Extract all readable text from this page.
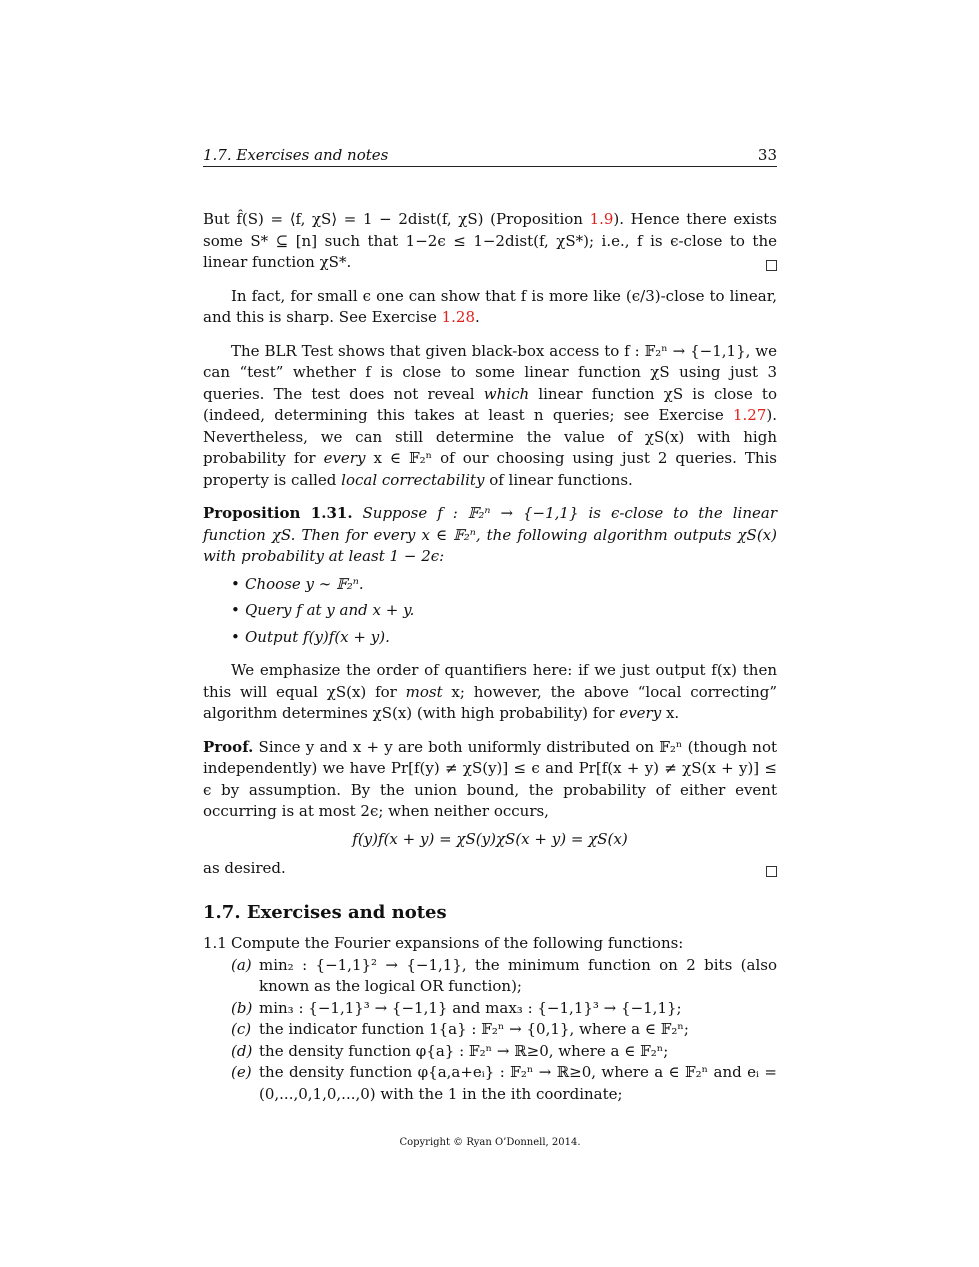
1.7. Exercises and notes	33

But f̂(S) = ⟨f, χS⟩ = 1 − 2dist(f, χS) (Proposition 1.9). Hence there exists some S* ⊆ [n] such that 1−2ϵ ≤ 1−2dist(f, χS*); i.e., f is ϵ-close to the linear function χS*.

In fact, for small ϵ one can show that f is more like (ϵ/3)-close to linear, and this is sharp. See Exercise 1.28.

The BLR Test shows that given black-box access to f : 𝔽₂ⁿ → {−1,1}, we can “test” whether f is close to some linear function χS using just 3 queries. The test does not reveal which linear function χS is close to (indeed, determining this takes at least n queries; see Exercise 1.27). Nevertheless, we can still determine the value of χS(x) with high probability for every x ∈ 𝔽₂ⁿ of our choosing using just 2 queries. This property is called local correctability of linear functions.

Proposition 1.31. Suppose f : 𝔽₂ⁿ → {−1,1} is ϵ-close to the linear function χS. Then for every x ∈ 𝔽₂ⁿ, the following algorithm outputs χS(x) with probability at least 1 − 2ϵ:

• Choose y ∼ 𝔽₂ⁿ.
• Query f at y and x + y.
• Output f(y)f(x + y).

We emphasize the order of quantifiers here: if we just output f(x) then this will equal χS(x) for most x; however, the above “local correcting” algorithm determines χS(x) (with high probability) for every x.

Proof. Since y and x + y are both uniformly distributed on 𝔽₂ⁿ (though not independently) we have Pr[f(y) ≠ χS(y)] ≤ ϵ and Pr[f(x + y) ≠ χS(x + y)] ≤ ϵ by assumption. By the union bound, the probability of either event occurring is at most 2ϵ; when neither occurs,

f(y)f(x + y) = χS(y)χS(x + y) = χS(x)

as desired.

1.7. Exercises and notes

1.1 Compute the Fourier expansions of the following functions:

(a) min₂ : {−1,1}² → {−1,1}, the minimum function on 2 bits (also known as the logical OR function);
(b) min₃ : {−1,1}³ → {−1,1} and max₃ : {−1,1}³ → {−1,1};
(c) the indicator function 1{a} : 𝔽₂ⁿ → {0,1}, where a ∈ 𝔽₂ⁿ;
(d) the density function φ{a} : 𝔽₂ⁿ → ℝ≥0, where a ∈ 𝔽₂ⁿ;
(e) the density function φ{a,a+eᵢ} : 𝔽₂ⁿ → ℝ≥0, where a ∈ 𝔽₂ⁿ and eᵢ = (0,...,0,1,0,...,0) with the 1 in the ith coordinate;
Copyright © Ryan O’Donnell, 2014.
